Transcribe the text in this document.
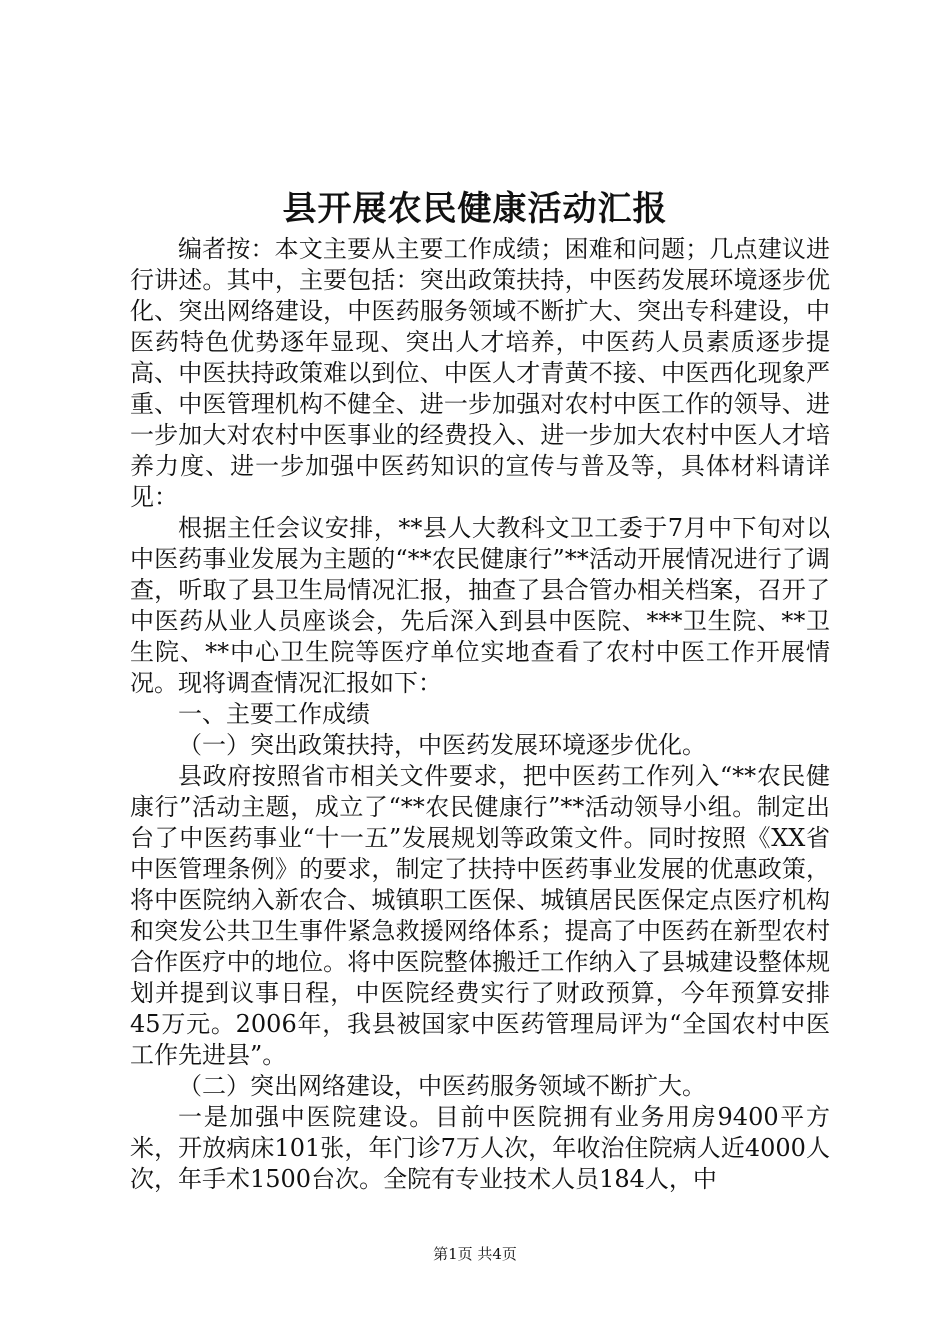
县开展农民健康活动汇报

编者按：本文主要从主要工作成绩；困难和问题；几点建议进行讲述。其中，主要包括：突出政策扶持，中医药发展环境逐步优化、突出网络建设，中医药服务领域不断扩大、突出专科建设，中医药特色优势逐年显现、突出人才培养，中医药人员素质逐步提高、中医扶持政策难以到位、中医人才青黄不接、中医西化现象严重、中医管理机构不健全、进一步加强对农村中医工作的领导、进一步加大对农村中医事业的经费投入、进一步加大农村中医人才培养力度、进一步加强中医药知识的宣传与普及等，具体材料请详见：

根据主任会议安排，**县人大教科文卫工委于7月中下旬对以中医药事业发展为主题的“**农民健康行”**活动开展情况进行了调查，听取了县卫生局情况汇报，抽查了县合管办相关档案，召开了中医药从业人员座谈会，先后深入到县中医院、***卫生院、**卫生院、**中心卫生院等医疗单位实地查看了农村中医工作开展情况。现将调查情况汇报如下：

一、主要工作成绩

（一）突出政策扶持，中医药发展环境逐步优化。

县政府按照省市相关文件要求，把中医药工作列入“**农民健康行”活动主题，成立了“**农民健康行”**活动领导小组。制定出台了中医药事业“十一五”发展规划等政策文件。同时按照《XX省中医管理条例》的要求，制定了扶持中医药事业发展的优惠政策，将中医院纳入新农合、城镇职工医保、城镇居民医保定点医疗机构和突发公共卫生事件紧急救援网络体系；提高了中医药在新型农村合作医疗中的地位。将中医院整体搬迁工作纳入了县城建设整体规划并提到议事日程，中医院经费实行了财政预算，今年预算安排45万元。2006年，我县被国家中医药管理局评为“全国农村中医工作先进县”。

（二）突出网络建设，中医药服务领域不断扩大。

一是加强中医院建设。目前中医院拥有业务用房9400平方米，开放病床101张，年门诊7万人次，年收治住院病人近4000人次，年手术1500台次。全院有专业技术人员184人，中

第1页 共4页
